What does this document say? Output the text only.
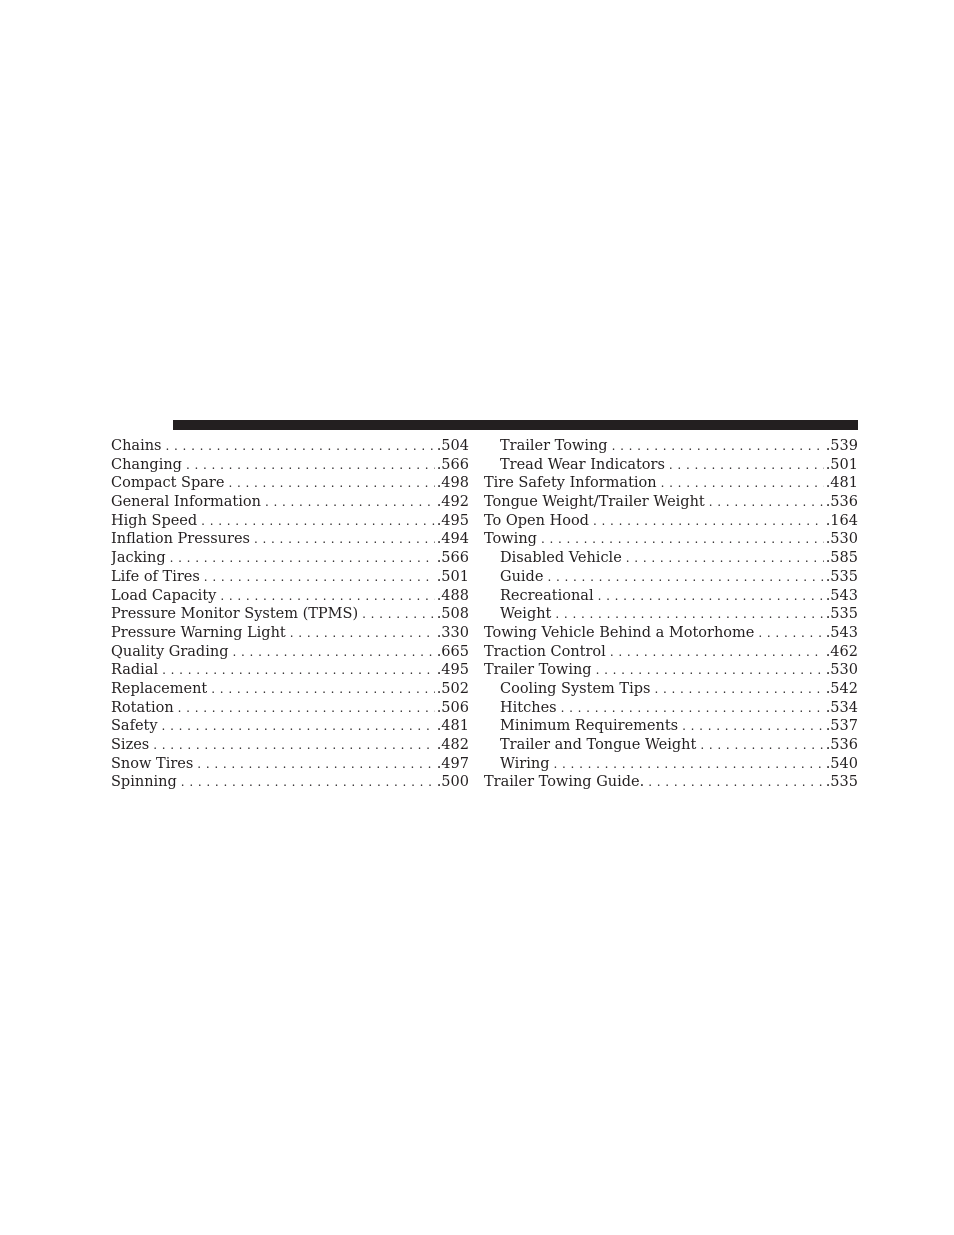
Chains . . .	.504
Changing . . .	.566
Compact Spare . . .	.498
General Information . . .	.492
High Speed . . .	.495
Inflation Pressures . . .	.494
Jacking . . .	.566
Life of Tires . . .	.501
Load Capacity . . .	.488
Pressure Monitor System (TPMS) . . .	.508
Pressure Warning Light . . .	.330
Quality Grading . . .	.665
Radial . . .	.495
Replacement . . .	.502
Rotation . . .	.506
Safety . . .	.481
Sizes . . .	.482
Snow Tires . . .	.497
Spinning . . .	.500
Trailer Towing . . .	.539
Tread Wear Indicators . . .	.501
Tire Safety Information . . .	.481
Tongue Weight/Trailer Weight . . .	.536
To Open Hood . . .	.164
Towing . . .	.530
Disabled Vehicle . . .	.585
Guide . . .	.535
Recreational . . .	.543
Weight . . .	.535
Towing Vehicle Behind a Motorhome . . .	.543
Traction Control . . .	.462
Trailer Towing . . .	.530
Cooling System Tips . . .	.542
Hitches . . .	.534
Minimum Requirements . . .	.537
Trailer and Tongue Weight . . .	.536
Wiring . . .	.540
Trailer Towing Guide. . . .	.535
